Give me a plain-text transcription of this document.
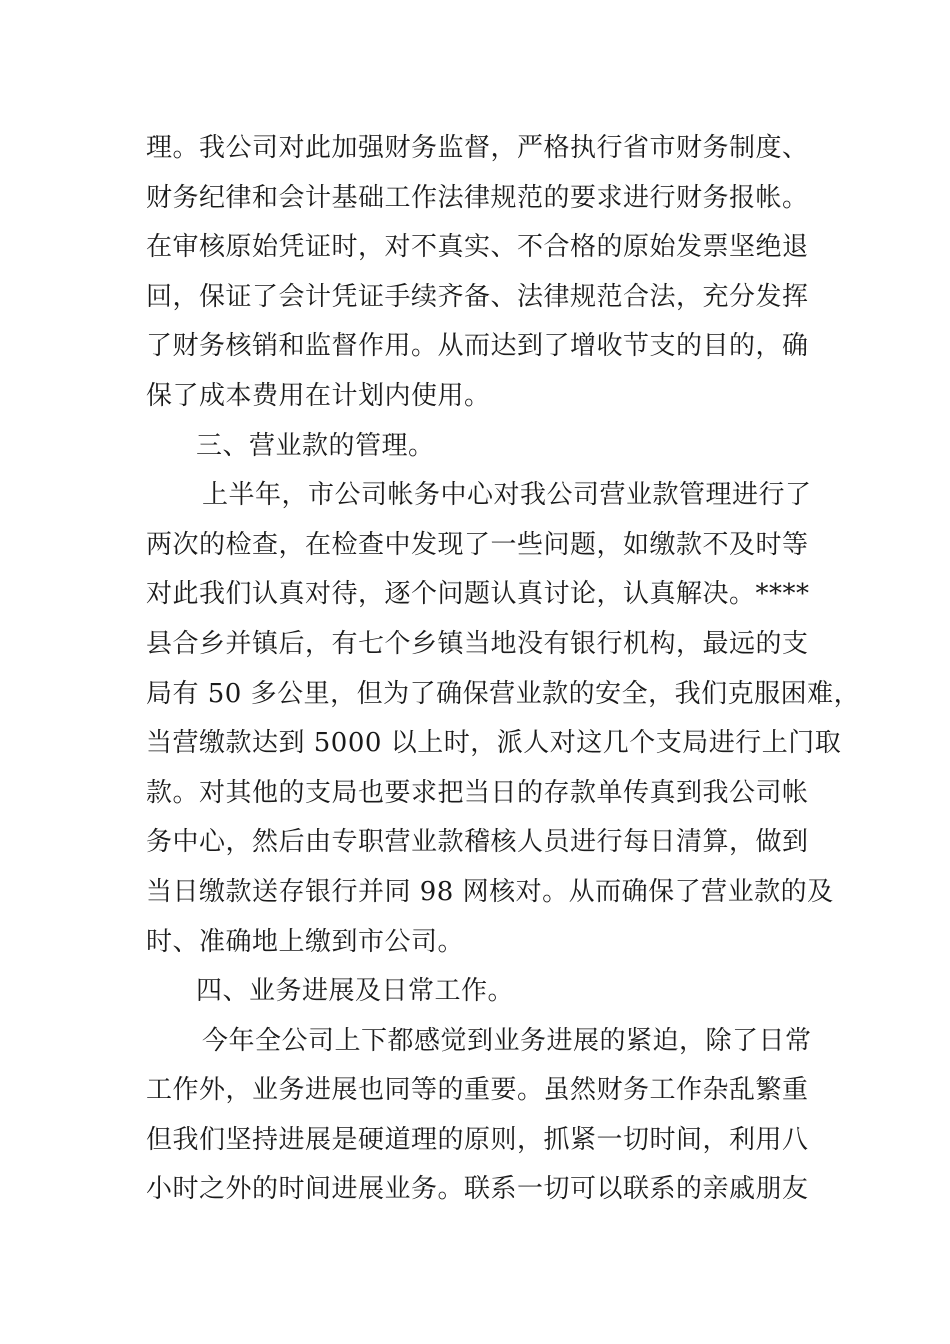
理。我公司对此加强财务监督，严格执行省市财务制度、
财务纪律和会计基础工作法律规范的要求进行财务报帐。
在审核原始凭证时，对不真实、不合格的原始发票坚绝退
回，保证了会计凭证手续齐备、法律规范合法，充分发挥
了财务核销和监督作用。从而达到了增收节支的目的，确
保了成本费用在计划内使用。
三、营业款的管理。
上半年，市公司帐务中心对我公司营业款管理进行了
两次的检查，在检查中发现了一些问题，如缴款不及时等
对此我们认真对待，逐个问题认真讨论，认真解决。****
县合乡并镇后，有七个乡镇当地没有银行机构，最远的支
局有 50 多公里，但为了确保营业款的安全，我们克服困难，
当营缴款达到 5000 以上时，派人对这几个支局进行上门取
款。对其他的支局也要求把当日的存款单传真到我公司帐
务中心，然后由专职营业款稽核人员进行每日清算，做到
当日缴款送存银行并同 98 网核对。从而确保了营业款的及
时、准确地上缴到市公司。
四、业务进展及日常工作。
今年全公司上下都感觉到业务进展的紧迫，除了日常
工作外，业务进展也同等的重要。虽然财务工作杂乱繁重
但我们坚持进展是硬道理的原则，抓紧一切时间，利用八
小时之外的时间进展业务。联系一切可以联系的亲戚朋友
